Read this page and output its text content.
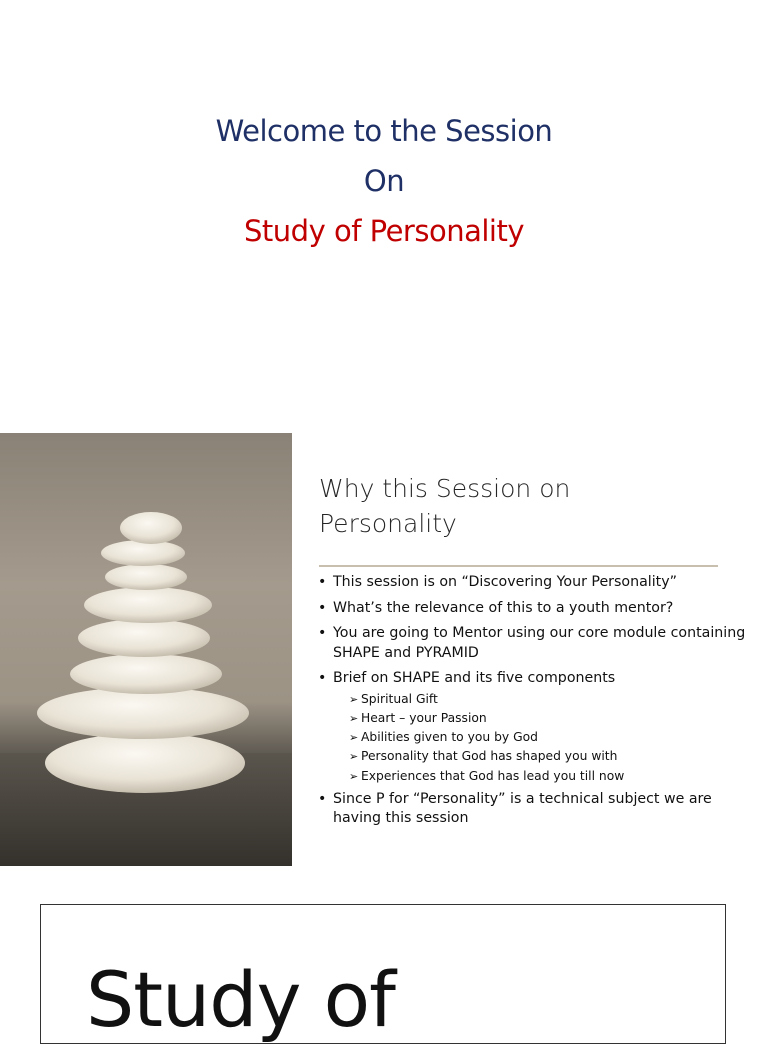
Welcome to the Session
On
Study of Personality
Why this Session on
Personality
• This session is on “Discovering Your Personality”
• What’s the relevance of this to a youth mentor?
• You are going to Mentor using our core module containing SHAPE and PYRAMID
• Brief on SHAPE and its five components
➢ Spiritual Gift
➢ Heart – your Passion
➢ Abilities given to you by God
➢ Personality that God has shaped you with
➢ Experiences that God has lead you till now
• Since P for “Personality” is a technical subject we are having this session
Study of
